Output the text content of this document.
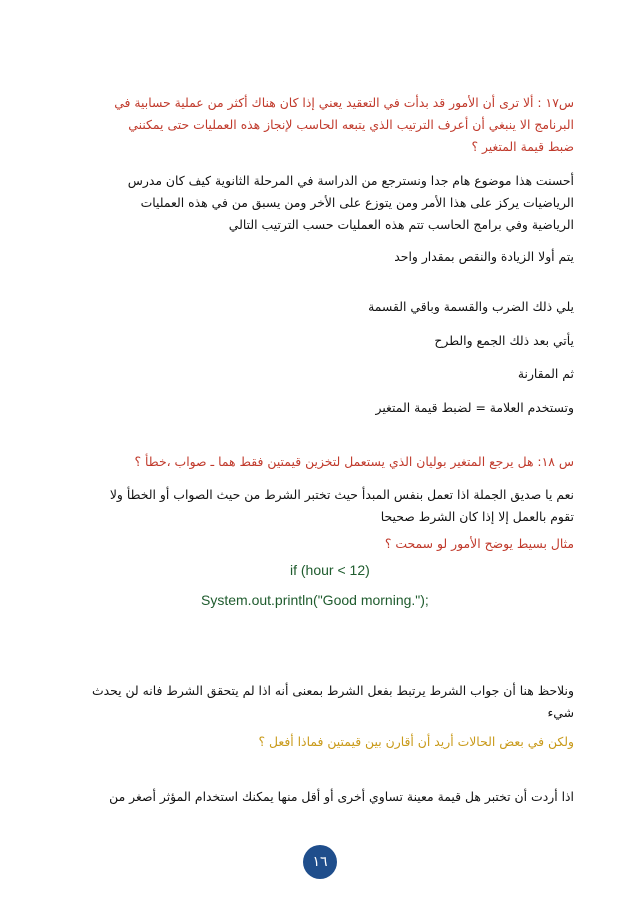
س١٧ : ألا ترى أن الأمور قد بدأت في التعقيد يعني إذا كان هناك أكثر من عملية حسابية في

البرنامج الا ينبغي أن أعرف الترتيب الذي يتبعه الحاسب لإنجاز هذه العمليات حتى يمكنني

ضبط قيمة المتغير ؟

أحسنت هذا موضوع هام جدا ونسترجع من الدراسة في المرحلة الثانوية كيف كان مدرس

الرياضيات يركز على هذا الأمر ومن يتوزع على الأخر ومن يسبق من في هذه العمليات

الرياضية وفي برامج الحاسب تتم هذه العمليات حسب الترتيب التالي

يتم أولا الزيادة والنقص بمقدار واحد

يلي ذلك الضرب والقسمة وباقي القسمة

يأتي بعد ذلك الجمع والطرح

ثم المقارنة

وتستخدم العلامة = لضبط قيمة المتغير

س ١٨: هل يرجع المتغير بوليان الذي يستعمل لتخزين قيمتين فقط هما ـ صواب ،خطأ ؟

نعم يا صديق الجملة اذا تعمل بنفس المبدأ حيث تختبر الشرط من حيث الصواب أو الخطأ ولا

تقوم بالعمل إلا إذا كان الشرط صحيحا

مثال بسيط يوضح الأمور لو سمحت ؟

if (hour < 12)

System.out.println("Good morning.");

ونلاحظ هنا أن جواب الشرط يرتبط بفعل الشرط بمعنى أنه اذا لم يتحقق الشرط فانه لن يحدث

شيء

ولكن في بعض الحالات أريد أن أقارن بين قيمتين فماذا أفعل ؟

اذا أردت أن تختبر هل قيمة معينة تساوي أخرى أو أقل منها يمكنك استخدام المؤثر أصغر من

١٦
